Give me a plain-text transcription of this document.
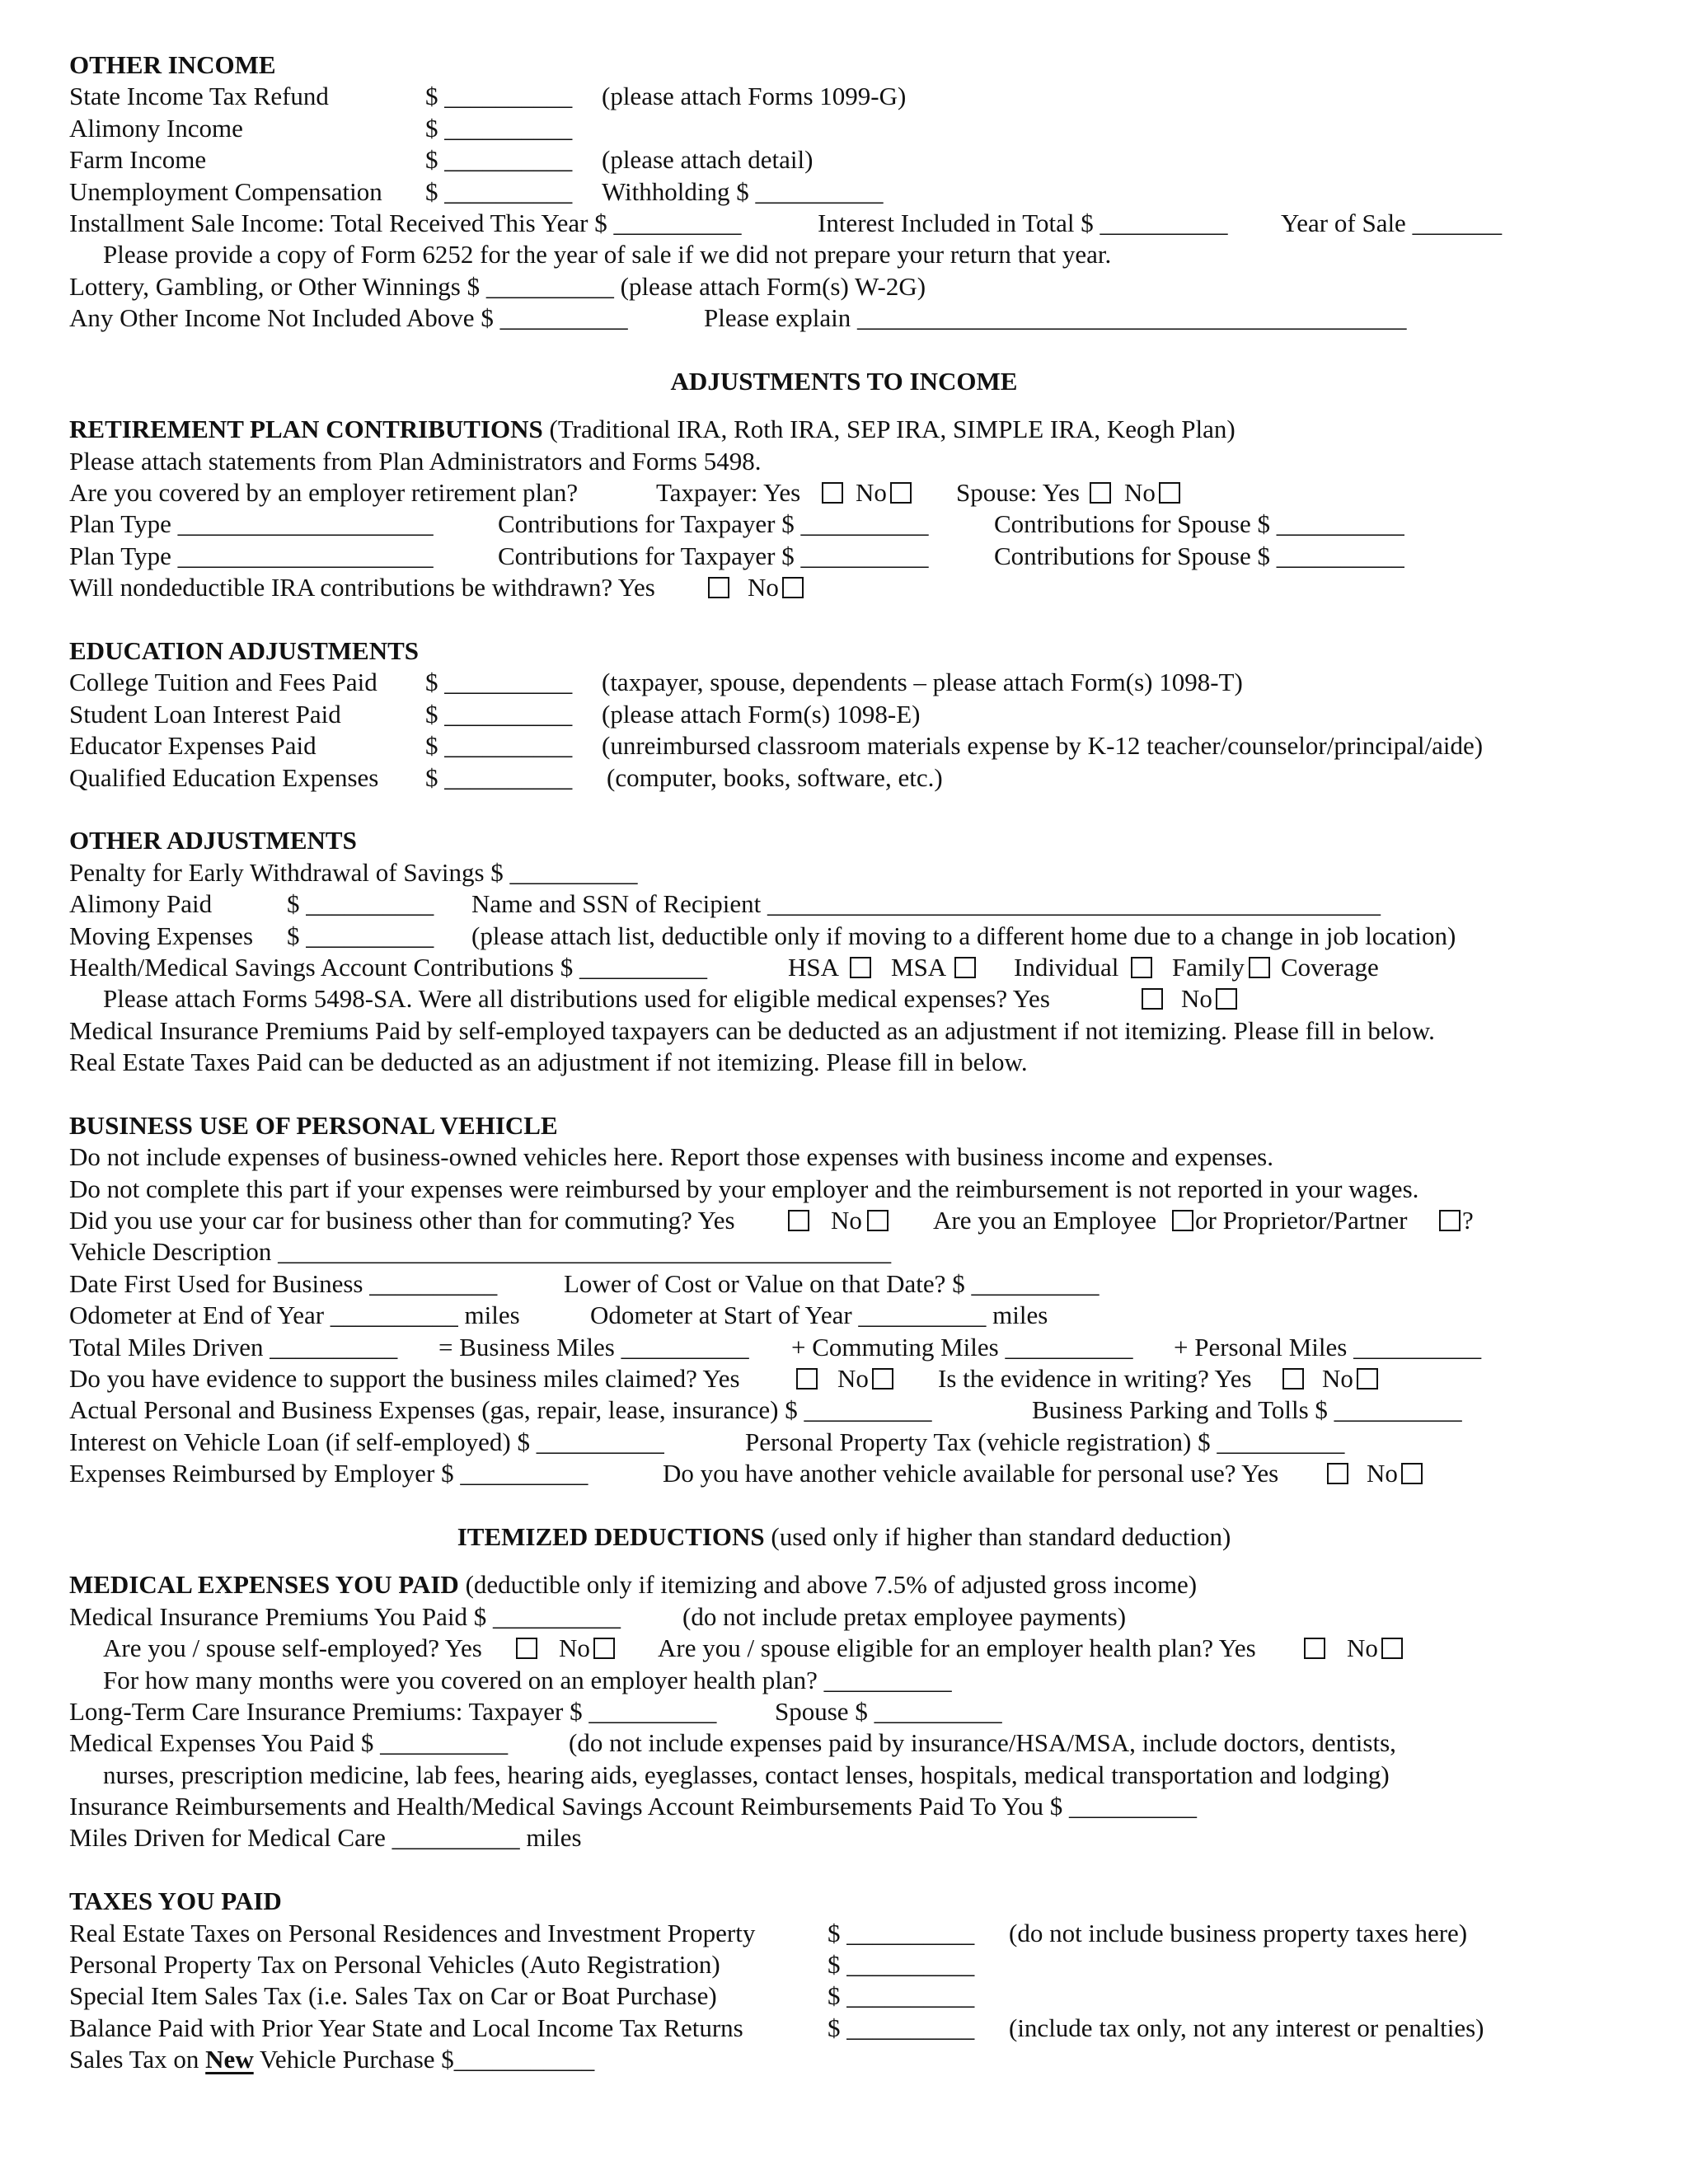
OTHER INCOME
State Income Tax Refund	$ __________ (please attach Forms 1099-G)
Alimony Income	$ __________
Farm Income	$ __________ (please attach detail)
Unemployment Compensation $ __________ Withholding $ __________
Installment Sale Income: Total Received This Year $ __________	Interest Included in Total $ __________ Year of Sale _______
Please provide a copy of Form 6252 for the year of sale if we did not prepare your return that year.
Lottery, Gambling, or Other Winnings $ __________ (please attach Form(s) W-2G)
Any Other Income Not Included Above $ __________	Please explain ___________________________________________
ADJUSTMENTS TO INCOME
RETIREMENT PLAN CONTRIBUTIONS (Traditional IRA, Roth IRA, SEP IRA, SIMPLE IRA, Keogh Plan)
Please attach statements from Plan Administrators and Forms 5498.
Are you covered by an employer retirement plan?	Taxpayer: Yes No	Spouse: Yes No
Plan Type ____________________	Contributions for Taxpayer $ __________	Contributions for Spouse $ __________
Plan Type ____________________	Contributions for Taxpayer $ __________	Contributions for Spouse $ __________
Will nondeductible IRA contributions be withdrawn? Yes	No
EDUCATION ADJUSTMENTS
College Tuition and Fees Paid $ __________ (taxpayer, spouse, dependents – please attach Form(s) 1098-T)
Student Loan Interest Paid	$ __________ (please attach Form(s) 1098-E)
Educator Expenses Paid	$ __________ (unreimbursed classroom materials expense by K-12 teacher/counselor/principal/aide)
Qualified Education Expenses $ __________ (computer, books, software, etc.)
OTHER ADJUSTMENTS
Penalty for Early Withdrawal of Savings $ __________
Alimony Paid	$ __________ Name and SSN of Recipient ________________________________________________
Moving Expenses $ __________ (please attach list, deductible only if moving to a different home due to a change in job location)
Health/Medical Savings Account Contributions $ __________	HSA MSA	Individual Family Coverage
Please attach Forms 5498-SA. Were all distributions used for eligible medical expenses? Yes	No
Medical Insurance Premiums Paid by self-employed taxpayers can be deducted as an adjustment if not itemizing. Please fill in below.
Real Estate Taxes Paid can be deducted as an adjustment if not itemizing. Please fill in below.
BUSINESS USE OF PERSONAL VEHICLE
Do not include expenses of business-owned vehicles here. Report those expenses with business income and expenses.
Do not complete this part if your expenses were reimbursed by your employer and the reimbursement is not reported in your wages.
Did you use your car for business other than for commuting? Yes	No	Are you an Employee or Proprietor/Partner ?
Vehicle Description ________________________________________________
Date First Used for Business __________	Lower of Cost or Value on that Date? $ __________
Odometer at End of Year __________ miles	Odometer at Start of Year __________ miles
Total Miles Driven __________ = Business Miles __________ + Commuting Miles __________ + Personal Miles __________
Do you have evidence to support the business miles claimed? Yes	No	Is the evidence in writing? Yes	No
Actual Personal and Business Expenses (gas, repair, lease, insurance) $ __________	Business Parking and Tolls $ __________
Interest on Vehicle Loan (if self-employed) $ __________	Personal Property Tax (vehicle registration) $ __________
Expenses Reimbursed by Employer $ __________	Do you have another vehicle available for personal use? Yes	No
ITEMIZED DEDUCTIONS (used only if higher than standard deduction)
MEDICAL EXPENSES YOU PAID (deductible only if itemizing and above 7.5% of adjusted gross income)
Medical Insurance Premiums You Paid $ __________ (do not include pretax employee payments)
Are you / spouse self-employed? Yes	No	Are you / spouse eligible for an employer health plan? Yes	No
For how many months were you covered on an employer health plan? __________
Long-Term Care Insurance Premiums: Taxpayer $ __________ Spouse $ __________
Medical Expenses You Paid $ __________ (do not include expenses paid by insurance/HSA/MSA, include doctors, dentists,
nurses, prescription medicine, lab fees, hearing aids, eyeglasses, contact lenses, hospitals, medical transportation and lodging)
Insurance Reimbursements and Health/Medical Savings Account Reimbursements Paid To You $ __________
Miles Driven for Medical Care __________ miles
TAXES YOU PAID
Real Estate Taxes on Personal Residences and Investment Property	$ __________ (do not include business property taxes here)
Personal Property Tax on Personal Vehicles (Auto Registration)	$ __________
Special Item Sales Tax (i.e. Sales Tax on Car or Boat Purchase)	$ __________
Balance Paid with Prior Year State and Local Income Tax Returns	$ __________ (include tax only, not any interest or penalties)
Sales Tax on New Vehicle Purchase $___________
